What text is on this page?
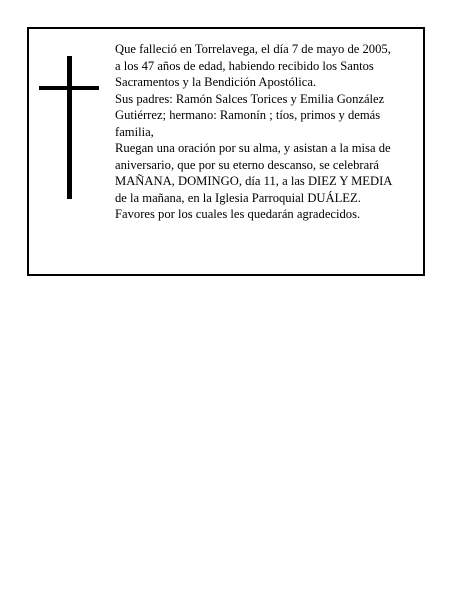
Que falleció en Torrelavega, el día 7 de mayo de 2005,
a los 47 años de edad, habiendo recibido los Santos
Sacramentos y la Bendición Apostólica.
Sus padres: Ramón Salces Torices y Emilia González
Gutiérrez; hermano: Ramonín ; tíos, primos y demás
familia,
Ruegan una oración por su alma, y asistan a la misa de
aniversario, que por su eterno descanso, se celebrará
MAÑANA, DOMINGO, día 11, a las DIEZ Y MEDIA
de la mañana, en la Iglesia Parroquial DUÁLEZ.
Favores por los cuales les quedarán agradecidos.
